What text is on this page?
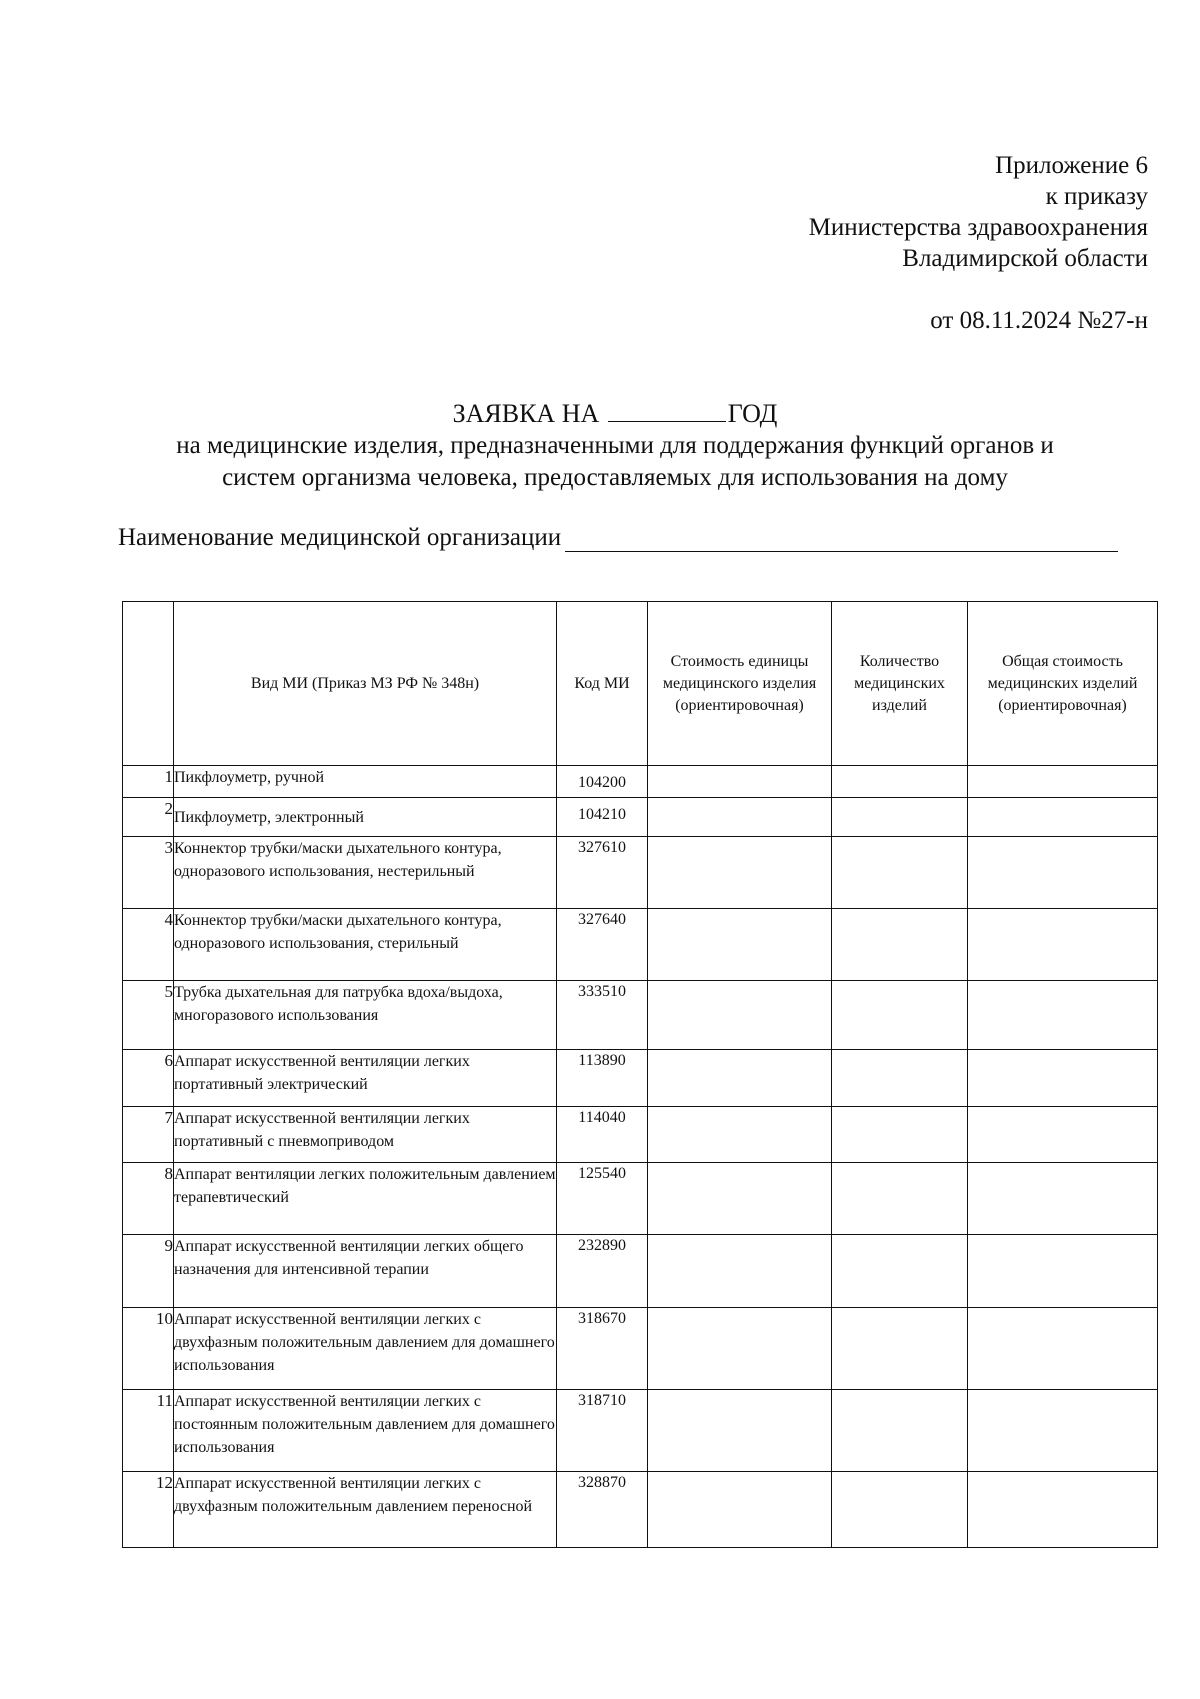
Приложение 6
к приказу
Министерства здравоохранения
Владимирской области
от 08.11.2024 №27-н
ЗАЯВКА НА	ГОД
на медицинские изделия, предназначенными для поддержания функций органов и
систем организма человека, предоставляемых для использования на дому
Наименование медицинской организации
	Вид МИ (Приказ МЗ РФ № 348н)	Код МИ	Стоимость единицы медицинского изделия (ориентировочная)	Количество медицинских изделий	Общая стоимость медицинских изделий (ориентировочная)
1	Пикфлоуметр, ручной	104200			
2	Пикфлоуметр, электронный	104210			
3	Коннектор трубки/маски дыхательного контура, одноразового использования, нестерильный	327610			
4	Коннектор трубки/маски дыхательного контура, одноразового использования, стерильный	327640			
5	Трубка дыхательная для патрубка вдоха/выдоха, многоразового использования	333510			
6	Аппарат искусственной вентиляции легких портативный электрический	113890			
7	Аппарат искусственной вентиляции легких портативный с пневмоприводом	114040			
8	Аппарат вентиляции легких положительным давлением терапевтический	125540			
9	Аппарат искусственной вентиляции легких общего назначения для интенсивной терапии	232890			
10	Аппарат искусственной вентиляции легких с двухфазным положительным давлением для домашнего использования	318670			
11	Аппарат искусственной вентиляции легких с постоянным положительным давлением для домашнего использования	318710			
12	Аппарат искусственной вентиляции легких с двухфазным положительным давлением переносной	328870			
